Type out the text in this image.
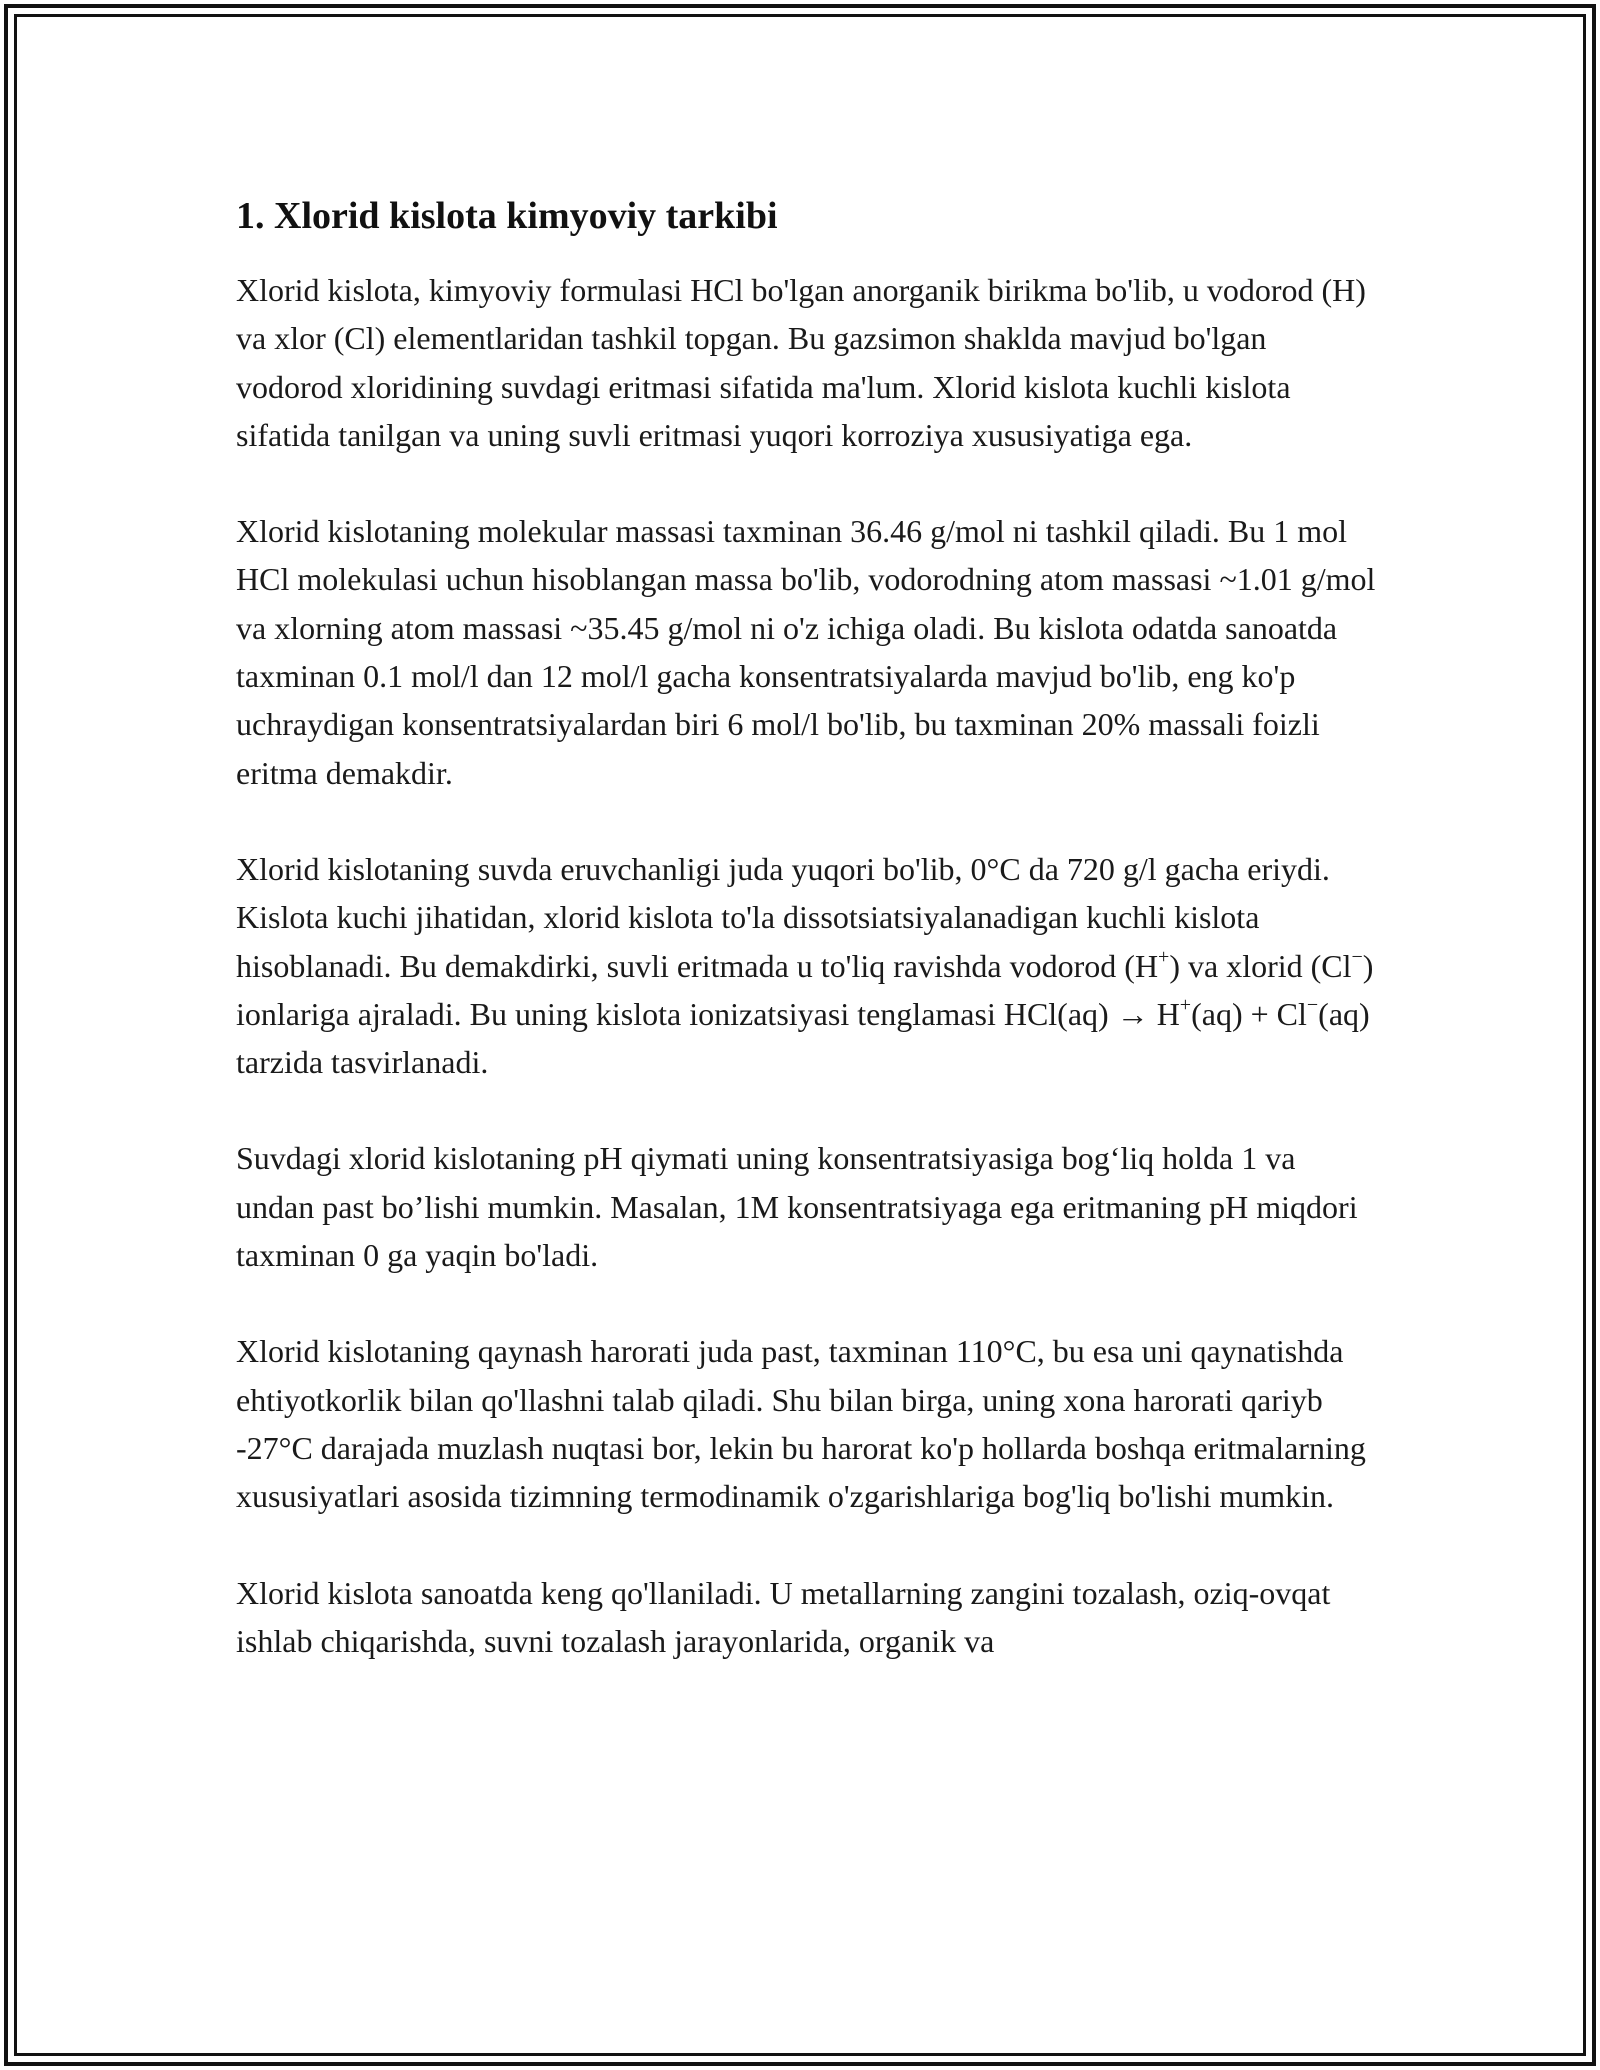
1. Xlorid kislota kimyoviy tarkibi

Xlorid kislota, kimyoviy formulasi HCl bo'lgan anorganik birikma bo'lib, u vodorod (H) va xlor (Cl) elementlaridan tashkil topgan. Bu gazsimon shaklda mavjud bo'lgan vodorod xloridining suvdagi eritmasi sifatida ma'lum. Xlorid kislota kuchli kislota sifatida tanilgan va uning suvli eritmasi yuqori korroziya xususiyatiga ega.

Xlorid kislotaning molekular massasi taxminan 36.46 g/mol ni tashkil qiladi. Bu 1 mol HCl molekulasi uchun hisoblangan massa bo'lib, vodorodning atom massasi ~1.01 g/mol va xlorning atom massasi ~35.45 g/mol ni o'z ichiga oladi. Bu kislota odatda sanoatda taxminan 0.1 mol/l dan 12 mol/l gacha konsentratsiyalarda mavjud bo'lib, eng ko'p uchraydigan konsentratsiyalardan biri 6 mol/l bo'lib, bu taxminan 20% massali foizli eritma demakdir.

Xlorid kislotaning suvda eruvchanligi juda yuqori bo'lib, 0°C da 720 g/l gacha eriydi. Kislota kuchi jihatidan, xlorid kislota to'la dissotsiatsiyalanadigan kuchli kislota hisoblanadi. Bu demakdirki, suvli eritmada u to'liq ravishda vodorod (H+) va xlorid (Cl−) ionlariga ajraladi. Bu uning kislota ionizatsiyasi tenglamasi HCl(aq) → H+(aq) + Cl−(aq) tarzida tasvirlanadi.

Suvdagi xlorid kislotaning pH qiymati uning konsentratsiyasiga bog‘liq holda 1 va undan past bo’lishi mumkin. Masalan, 1M konsentratsiyaga ega eritmaning pH miqdori taxminan 0 ga yaqin bo'ladi.

Xlorid kislotaning qaynash harorati juda past, taxminan 110°C, bu esa uni qaynatishda ehtiyotkorlik bilan qo'llashni talab qiladi. Shu bilan birga, uning xona harorati qariyb -27°C darajada muzlash nuqtasi bor, lekin bu harorat ko'p hollarda boshqa eritmalarning xususiyatlari asosida tizimning termodinamik o'zgarishlariga bog'liq bo'lishi mumkin.

Xlorid kislota sanoatda keng qo'llaniladi. U metallarning zangini tozalash, oziq-ovqat ishlab chiqarishda, suvni tozalash jarayonlarida, organik va
